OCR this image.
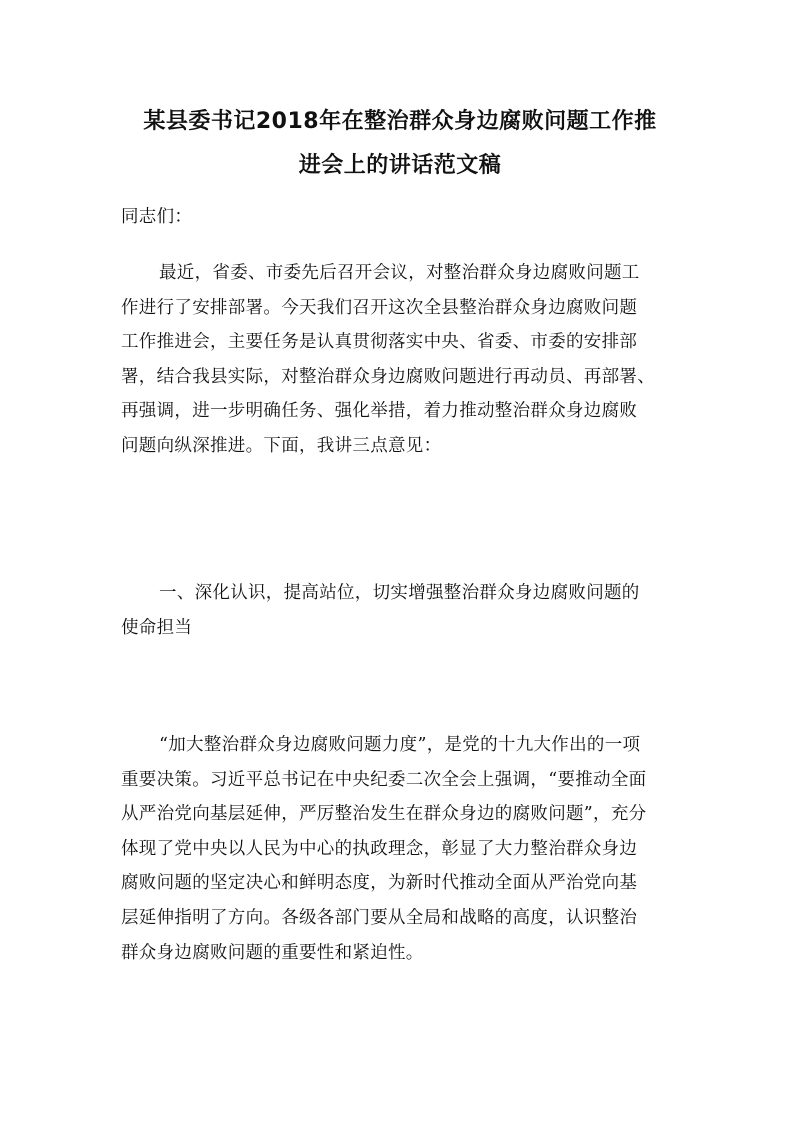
某县委书记2018年在整治群众身边腐败问题工作推
进会上的讲话范文稿
同志们：
最近，省委、市委先后召开会议，对整治群众身边腐败问题工
作进行了安排部署。今天我们召开这次全县整治群众身边腐败问题
工作推进会，主要任务是认真贯彻落实中央、省委、市委的安排部
署，结合我县实际，对整治群众身边腐败问题进行再动员、再部署、
再强调，进一步明确任务、强化举措，着力推动整治群众身边腐败
问题向纵深推进。下面，我讲三点意见：
一、深化认识，提高站位，切实增强整治群众身边腐败问题的
使命担当
“加大整治群众身边腐败问题力度”，是党的十九大作出的一项
重要决策。习近平总书记在中央纪委二次全会上强调，“要推动全面
从严治党向基层延伸，严厉整治发生在群众身边的腐败问题”，充分
体现了党中央以人民为中心的执政理念，彰显了大力整治群众身边
腐败问题的坚定决心和鲜明态度，为新时代推动全面从严治党向基
层延伸指明了方向。各级各部门要从全局和战略的高度，认识整治
群众身边腐败问题的重要性和紧迫性。
